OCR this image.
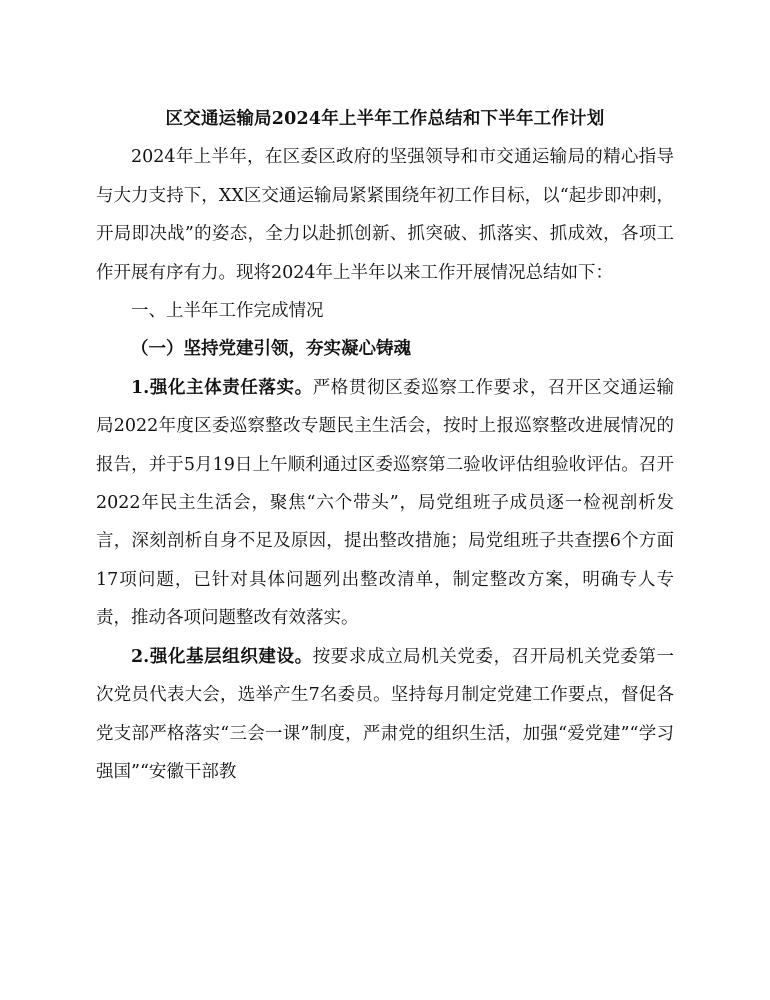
区交通运输局2024年上半年工作总结和下半年工作计划

2024年上半年，在区委区政府的坚强领导和市交通运输局的精心指导与大力支持下，XX区交通运输局紧紧围绕年初工作目标，以“起步即冲刺，开局即决战”的姿态，全力以赴抓创新、抓突破、抓落实、抓成效，各项工作开展有序有力。现将2024年上半年以来工作开展情况总结如下：

一、上半年工作完成情况

（一）坚持党建引领，夯实凝心铸魂

1.强化主体责任落实。严格贯彻区委巡察工作要求，召开区交通运输局2022年度区委巡察整改专题民主生活会，按时上报巡察整改进展情况的报告，并于5月19日上午顺利通过区委巡察第二验收评估组验收评估。召开2022年民主生活会，聚焦“六个带头”，局党组班子成员逐一检视剖析发言，深刻剖析自身不足及原因，提出整改措施；局党组班子共查摆6个方面17项问题，已针对具体问题列出整改清单，制定整改方案，明确专人专责，推动各项问题整改有效落实。

2.强化基层组织建设。按要求成立局机关党委，召开局机关党委第一次党员代表大会，选举产生7名委员。坚持每月制定党建工作要点，督促各党支部严格落实“三会一课”制度，严肃党的组织生活，加强“爱党建”“学习强国”“安徽干部教
